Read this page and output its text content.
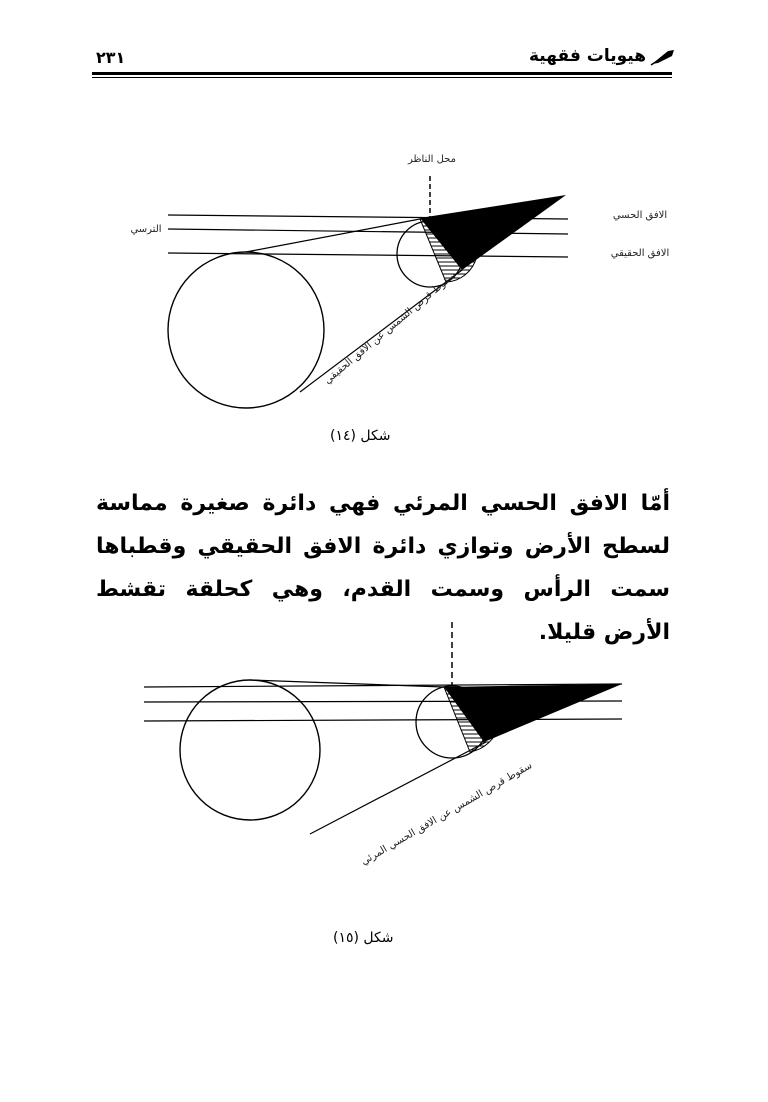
هيويات فقهية
٢٣١
محل الناظر
الافق الحسي
الافق الحقيقي
الترسي
سقوط قرص الشمس عن الافق الحقيقي
شكل (١٤)
أمّا الافق الحسي المرئي فهي دائرة صغيرة مماسة لسطح الأرض وتوازي دائرة الافق الحقيقي وقطباها سمت الرأس وسمت القدم، وهي كحلقة تقشط الأرض قليلا.
سقوط قرص الشمس عن الافق الحسي المرئي
شكل (١٥)
